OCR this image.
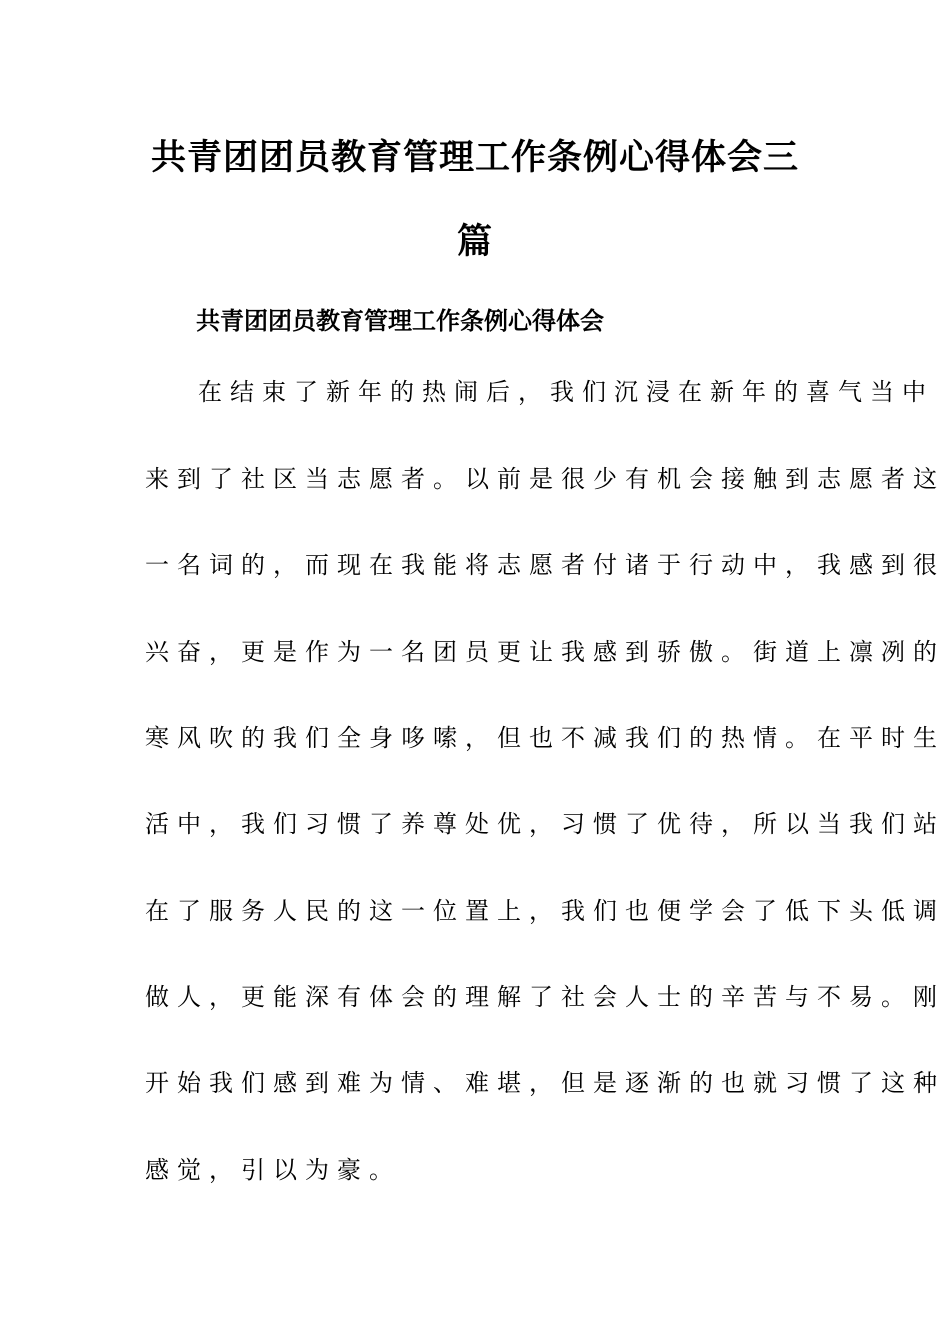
共青团团员教育管理工作条例心得体会三
篇
共青团团员教育管理工作条例心得体会
在结束了新年的热闹后，我们沉浸在新年的喜气当中
来到了社区当志愿者。以前是很少有机会接触到志愿者这
一名词的，而现在我能将志愿者付诸于行动中，我感到很
兴奋，更是作为一名团员更让我感到骄傲。街道上凛冽的
寒风吹的我们全身哆嗦，但也不减我们的热情。在平时生
活中，我们习惯了养尊处优，习惯了优待，所以当我们站
在了服务人民的这一位置上，我们也便学会了低下头低调
做人，更能深有体会的理解了社会人士的辛苦与不易。刚
开始我们感到难为情、难堪，但是逐渐的也就习惯了这种
感觉，引以为豪。
